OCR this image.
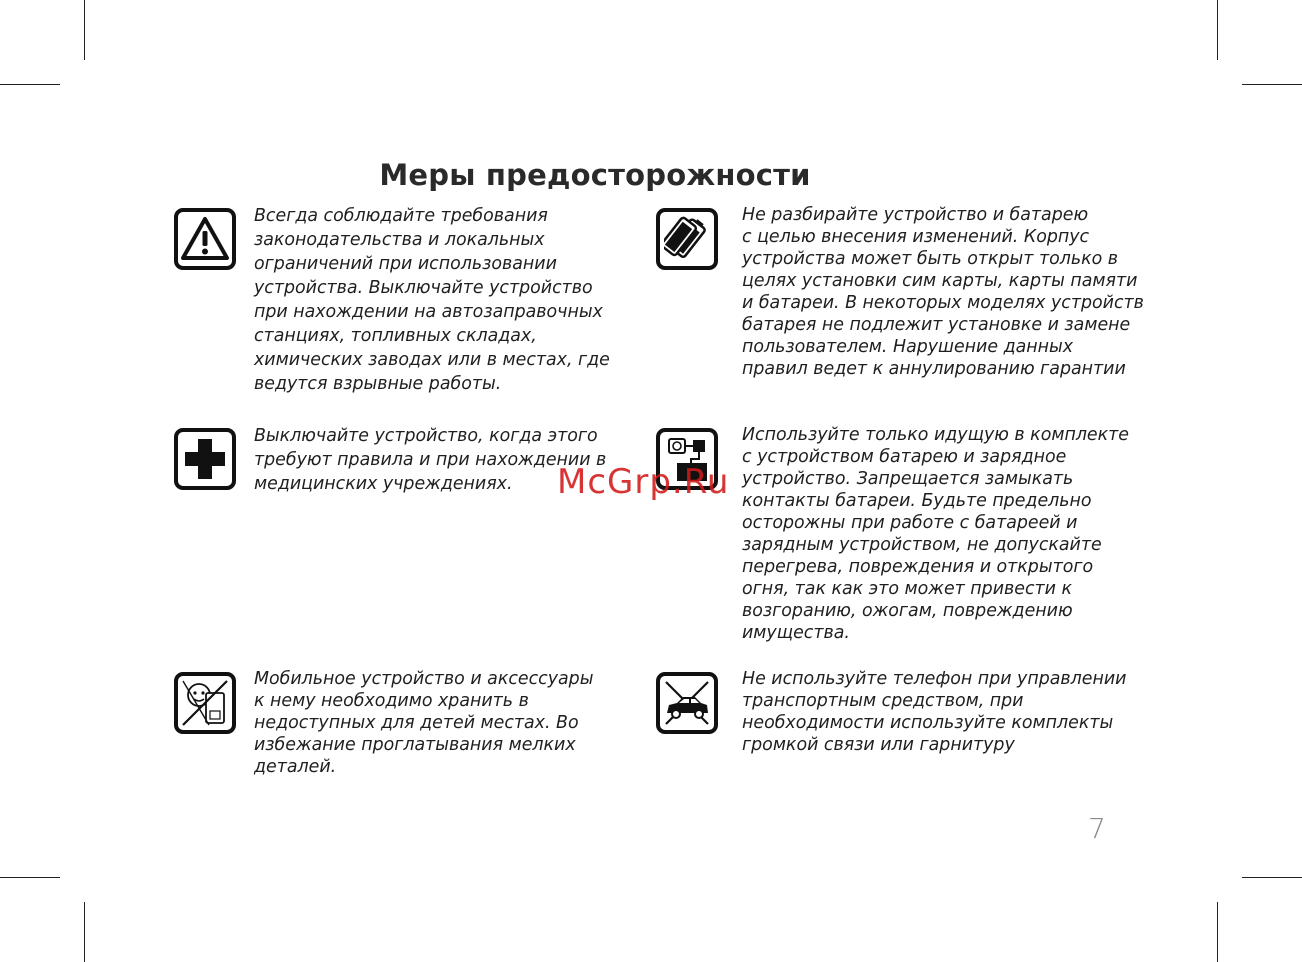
Меры предосторожности

Всегда соблюдайте требования
законодательства и локальных
ограничений при использовании
устройства. Выключайте устройство
при нахождении на автозаправочных
станциях, топливных складах,
химических заводах или в местах, где
ведутся взрывные работы.

Не разбирайте устройство и батарею
с целью внесения изменений. Корпус
устройства может быть открыт только в
целях установки сим карты, карты памяти
и батареи. В некоторых моделях устройств
батарея не подлежит установке и замене
пользователем. Нарушение данных
правил ведет к аннулированию гарантии

Выключайте устройство, когда этого
требуют правила и при нахождении в
медицинских учреждениях.

Используйте только идущую в комплекте
с устройством батарею и зарядное
устройство. Запрещается замыкать
контакты батареи. Будьте предельно
осторожны при работе с батареей и
зарядным устройством, не допускайте
перегрева, повреждения и открытого
огня, так как это может привести к
возгоранию, ожогам, повреждению
имущества.

Мобильное устройство и аксессуары
к нему необходимо хранить в
недоступных для детей местах. Во
избежание проглатывания мелких
деталей.

Не используйте телефон при управлении
транспортным средством, при
необходимости используйте комплекты
громкой связи или гарнитуру

McGrp.Ru
7
